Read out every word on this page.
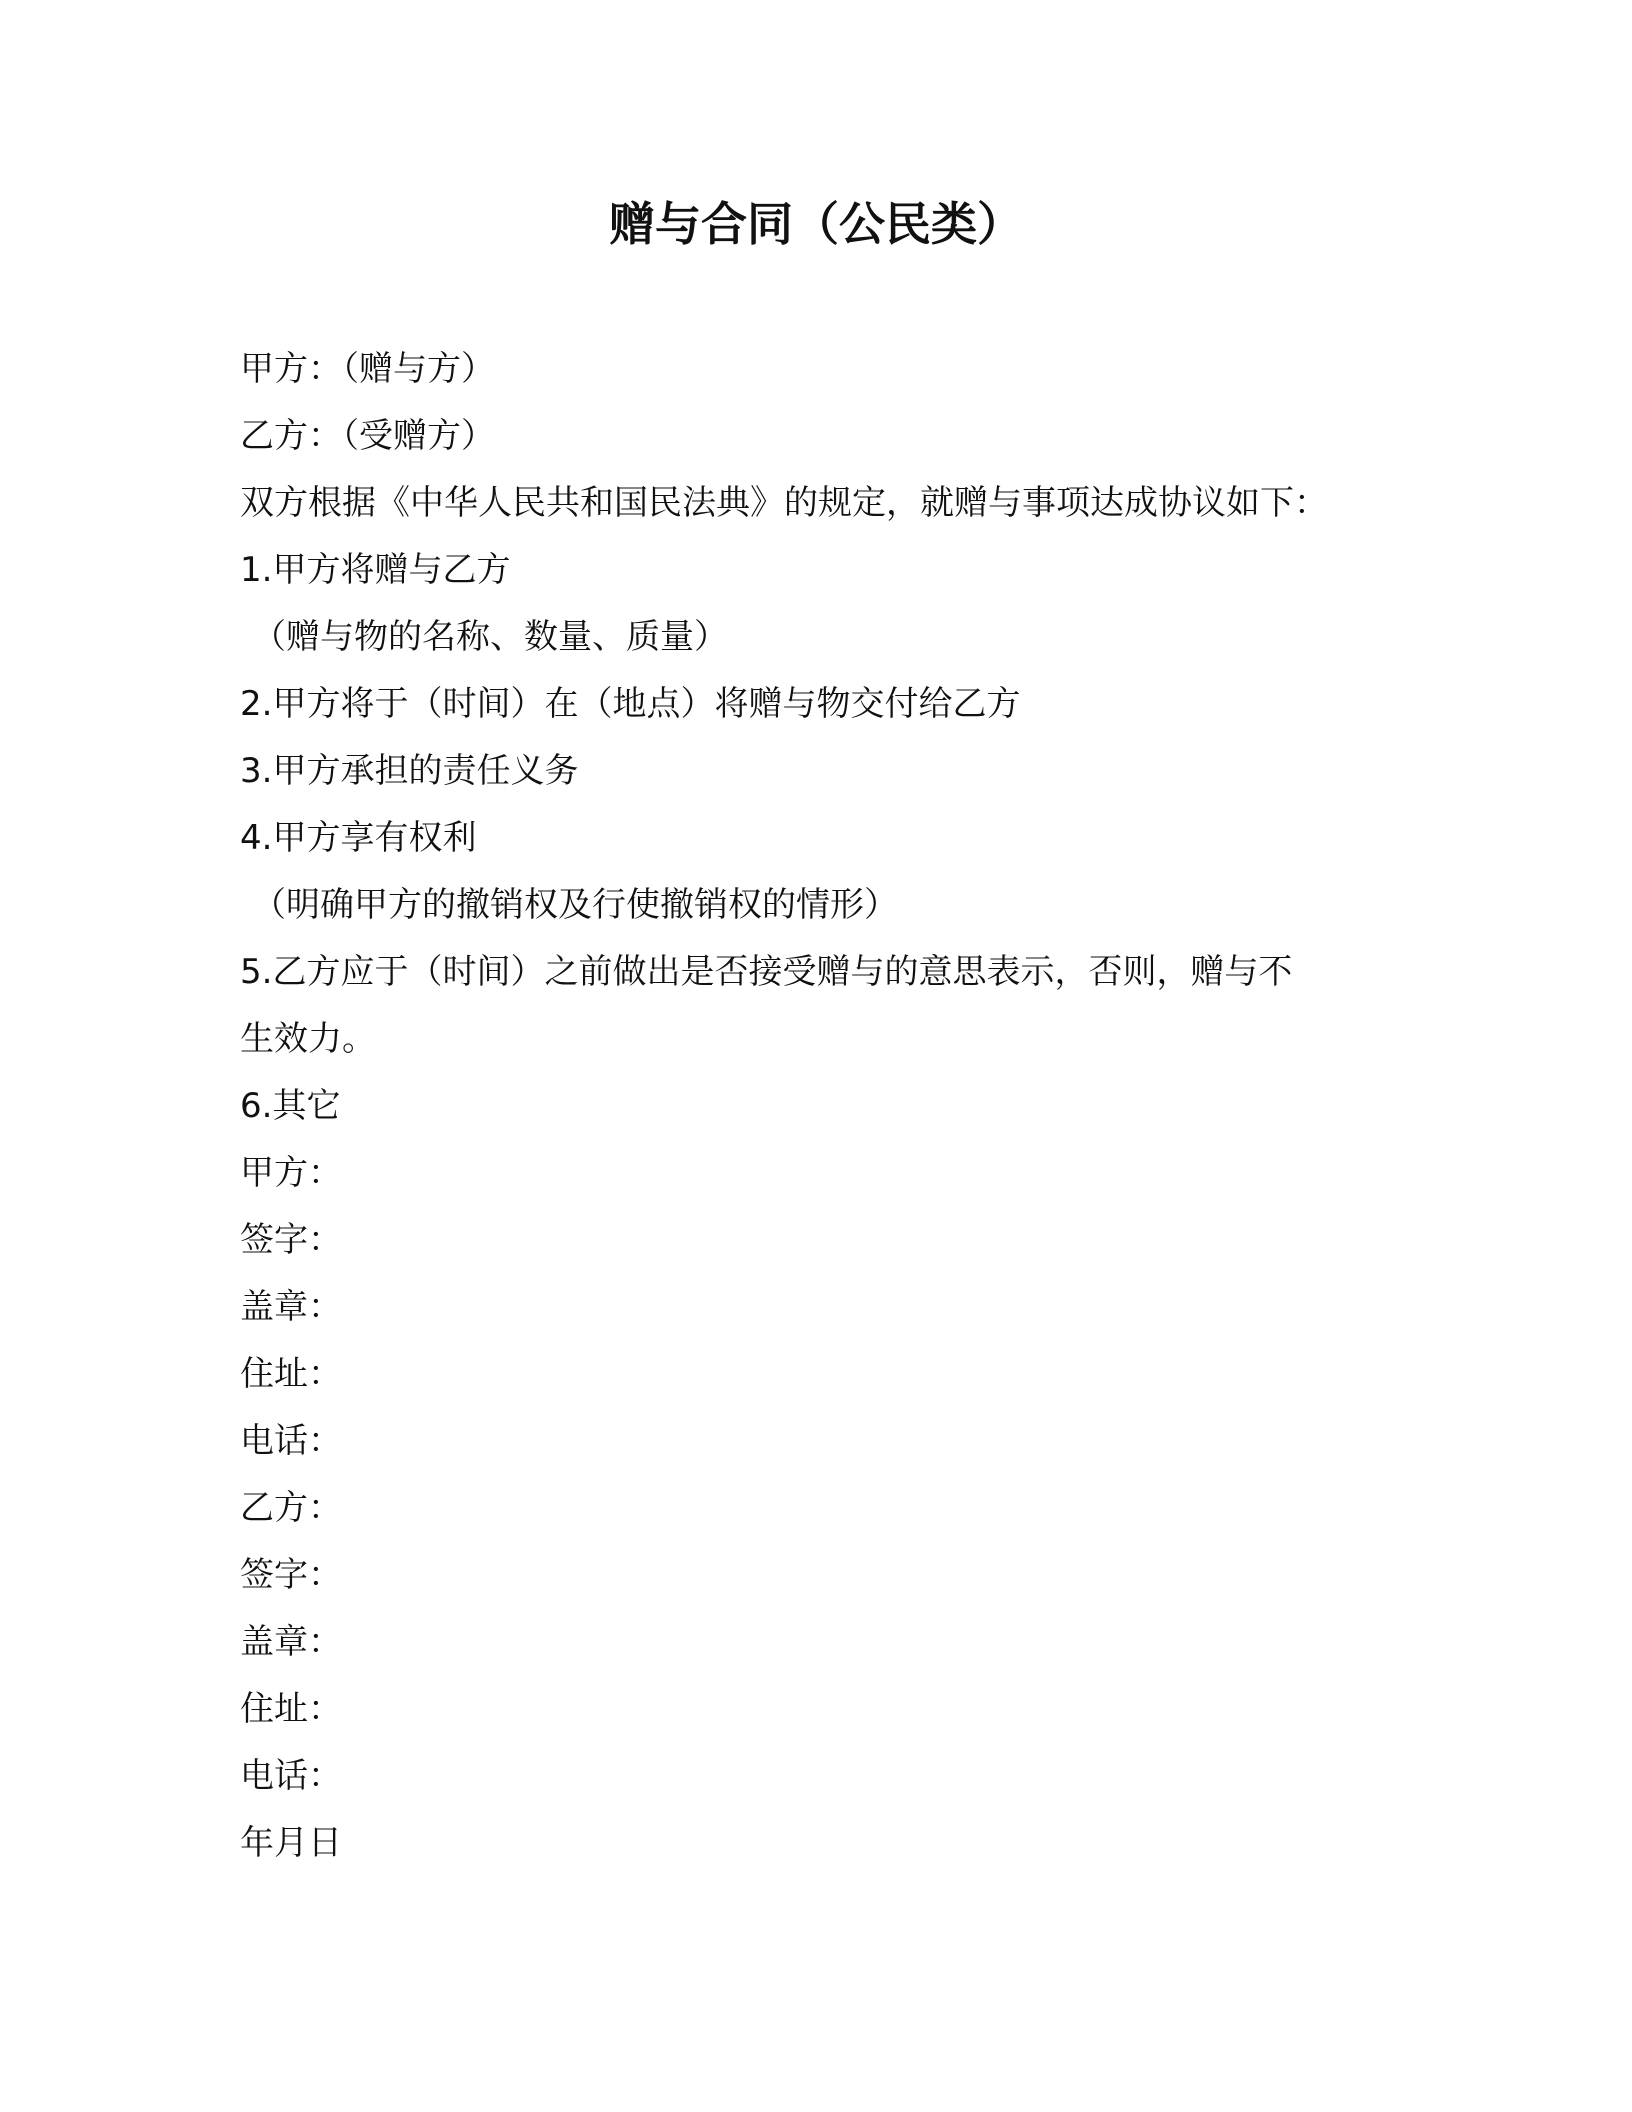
赠与合同（公民类）

甲方：（赠与方）

乙方：（受赠方）

双方根据《中华人民共和国民法典》的规定，就赠与事项达成协议如下：

1.甲方将赠与乙方

（赠与物的名称、数量、质量）

2.甲方将于（时间）在（地点）将赠与物交付给乙方

3.甲方承担的责任义务

4.甲方享有权利

（明确甲方的撤销权及行使撤销权的情形）

5.乙方应于（时间）之前做出是否接受赠与的意思表示，否则，赠与不

生效力。

6.其它

甲方：

签字：

盖章：

住址：

电话：

乙方：

签字：

盖章：

住址：

电话：

年月日
